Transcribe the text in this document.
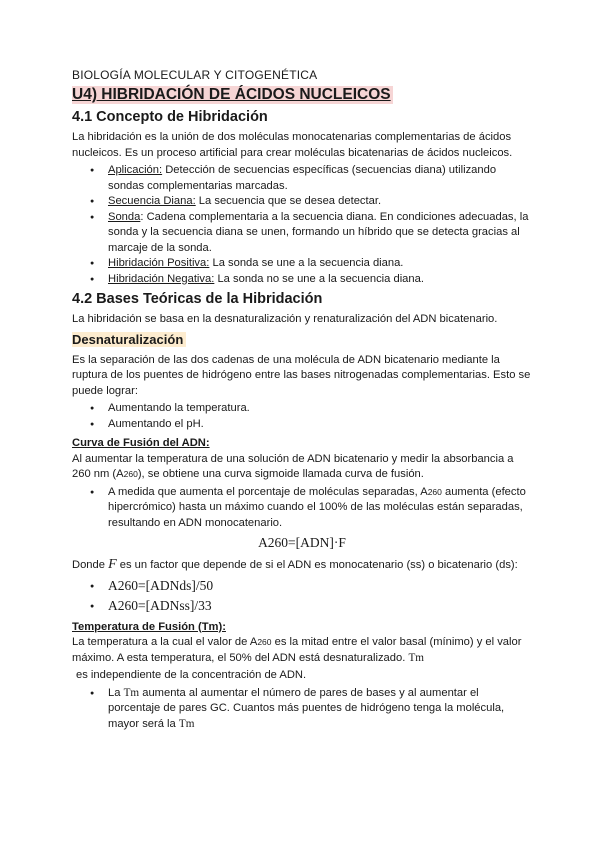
BIOLOGÍA MOLECULAR Y CITOGENÉTICA
U4) HIBRIDACIÓN DE ÁCIDOS NUCLEICOS
4.1 Concepto de Hibridación

La hibridación es la unión de dos moléculas monocatenarias complementarias de ácidos nucleicos. Es un proceso artificial para crear moléculas bicatenarias de ácidos nucleicos.

● Aplicación: Detección de secuencias específicas (secuencias diana) utilizando sondas complementarias marcadas.
● Secuencia Diana: La secuencia que se desea detectar.
● Sonda: Cadena complementaria a la secuencia diana. En condiciones adecuadas, la sonda y la secuencia diana se unen, formando un híbrido que se detecta gracias al marcaje de la sonda.
● Hibridación Positiva: La sonda se une a la secuencia diana.
● Hibridación Negativa: La sonda no se une a la secuencia diana.
4.2 Bases Teóricas de la Hibridación

La hibridación se basa en la desnaturalización y renaturalización del ADN bicatenario.

Desnaturalización

Es la separación de las dos cadenas de una molécula de ADN bicatenario mediante la ruptura de los puentes de hidrógeno entre las bases nitrogenadas complementarias. Esto se puede lograr:

● Aumentando la temperatura.
● Aumentando el pH.
Curva de Fusión del ADN:

Al aumentar la temperatura de una solución de ADN bicatenario y medir la absorbancia a 260 nm (A260), se obtiene una curva sigmoide llamada curva de fusión.

● A medida que aumenta el porcentaje de moléculas separadas, A260 aumenta (efecto hipercrómico) hasta un máximo cuando el 100% de las moléculas están separadas, resultando en ADN monocatenario.
A260=[ADN]·F

Donde F es un factor que depende de si el ADN es monocatenario (ss) o bicatenario (ds):

● A260=[ADNds]/50
● A260=[ADNss]/33
Temperatura de Fusión (Tm):

La temperatura a la cual el valor de A260 es la mitad entre el valor basal (mínimo) y el valor máximo. A esta temperatura, el 50% del ADN está desnaturalizado. Tm

es independiente de la concentración de ADN.

● La Tm aumenta al aumentar el número de pares de bases y al aumentar el porcentaje de pares GC. Cuantos más puentes de hidrógeno tenga la molécula, mayor será la Tm
